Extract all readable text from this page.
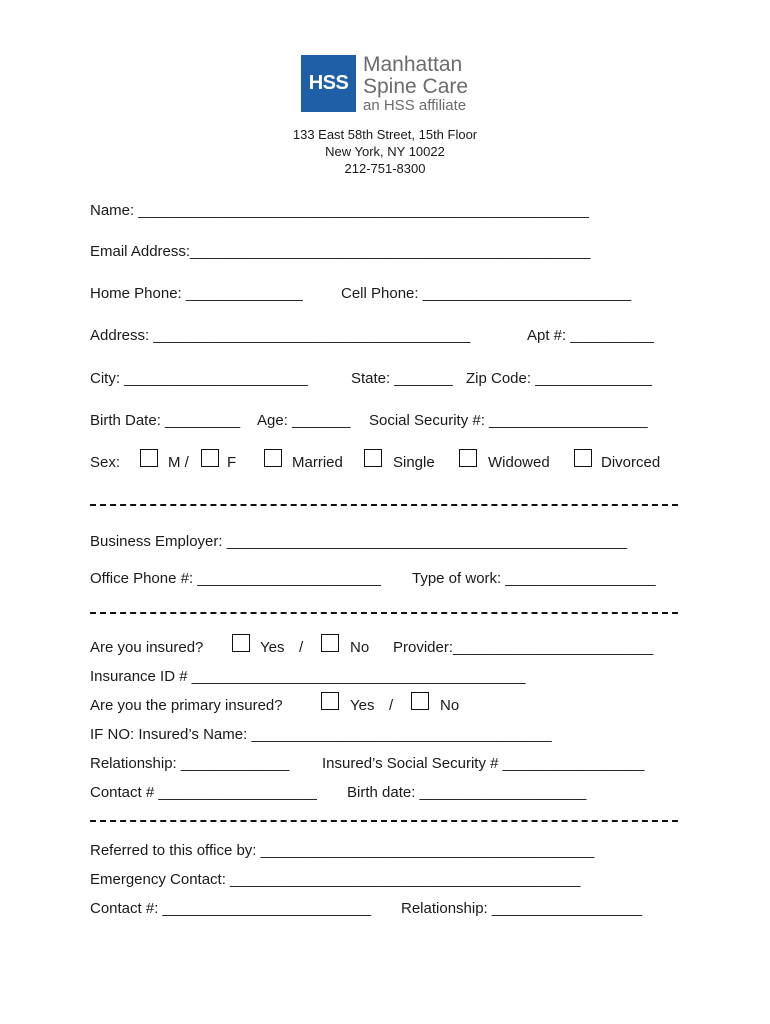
HSS
Manhattan
Spine Care
an HSS affiliate
133 East 58th Street, 15th Floor
New York, NY 10022
212-751-8300
Name: ______________________________________________________
Email Address:________________________________________________
Home Phone: ______________	Cell Phone: _________________________
Address: ______________________________________	Apt #: __________
City: ______________________	State: _______ Zip Code: ______________
Birth Date: _________ Age: _______ Social Security #: ___________________
Sex:	M /	F	Married	Single	Widowed	Divorced
Business Employer: ________________________________________________
Office Phone #: ______________________ Type of work: __________________
Are you insured?	Yes /	No Provider:________________________
Insurance ID # ________________________________________
Are you the primary insured?	Yes /	No
IF NO: Insured’s Name: ____________________________________
Relationship: _____________ Insured’s Social Security # _________________
Contact # ___________________ Birth date: ____________________
Referred to this office by: ________________________________________
Emergency Contact: __________________________________________
Contact #: _________________________ Relationship: __________________
